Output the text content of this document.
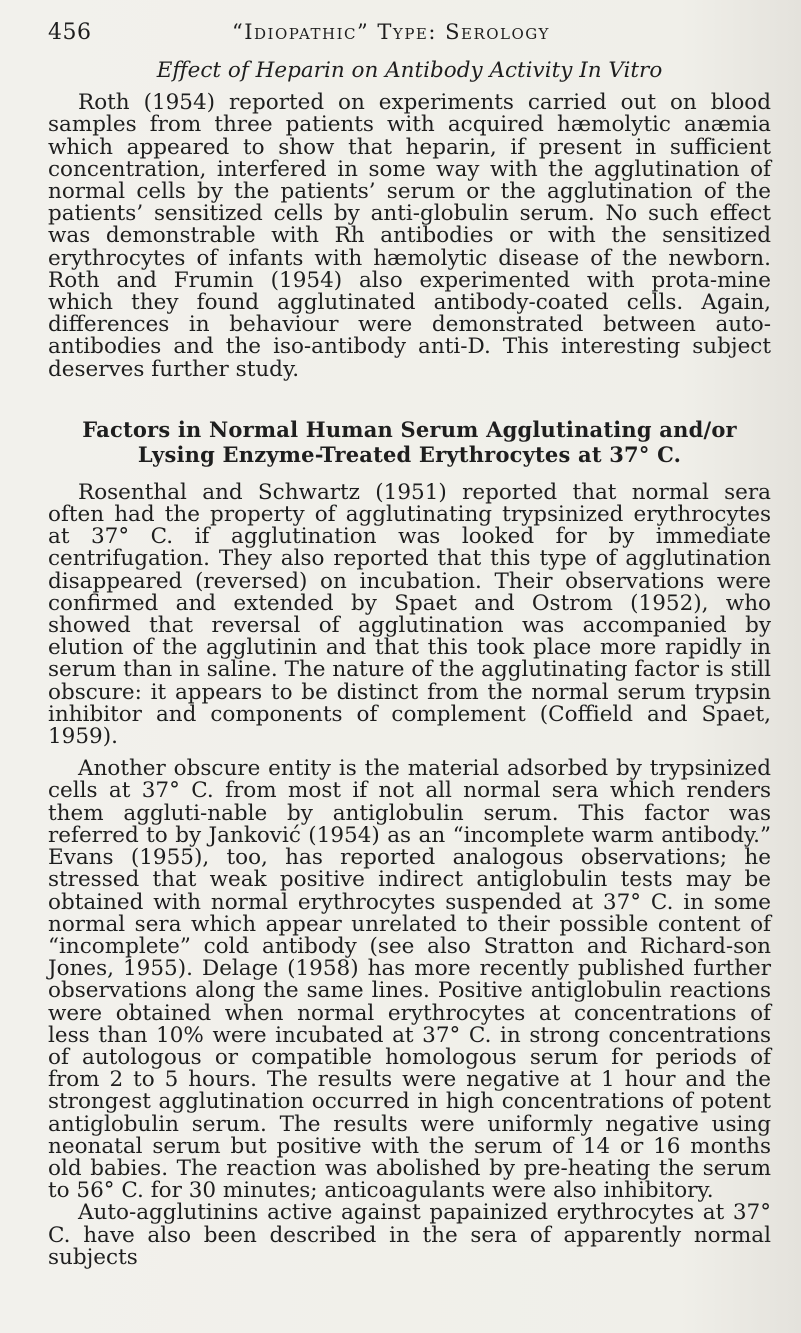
456	“Idiopathic” Type: Serology
Effect of Heparin on Antibody Activity In Vitro

Roth (1954) reported on experiments carried out on blood samples from three patients with acquired hæmolytic anæmia which appeared to show that heparin, if present in sufficient concentration, interfered in some way with the agglutination of normal cells by the patients’ serum or the agglutination of the patients’ sensitized cells by anti-globulin serum. No such effect was demonstrable with Rh antibodies or with the sensitized erythrocytes of infants with hæmolytic disease of the newborn. Roth and Frumin (1954) also experimented with prota-mine which they found agglutinated antibody-coated cells. Again, differences in behaviour were demonstrated between auto-antibodies and the iso-antibody anti-D. This interesting subject deserves further study.

Factors in Normal Human Serum Agglutinating and/or Lysing Enzyme-Treated Erythrocytes at 37° C.

Rosenthal and Schwartz (1951) reported that normal sera often had the property of agglutinating trypsinized erythrocytes at 37° C. if agglutination was looked for by immediate centrifugation. They also reported that this type of agglutination disappeared (reversed) on incubation. Their observations were confirmed and extended by Spaet and Ostrom (1952), who showed that reversal of agglutination was accompanied by elution of the agglutinin and that this took place more rapidly in serum than in saline. The nature of the agglutinating factor is still obscure: it appears to be distinct from the normal serum trypsin inhibitor and components of complement (Coffield and Spaet, 1959).

Another obscure entity is the material adsorbed by trypsinized cells at 37° C. from most if not all normal sera which renders them aggluti-nable by antiglobulin serum. This factor was referred to by Janković (1954) as an “incomplete warm antibody.” Evans (1955), too, has reported analogous observations; he stressed that weak positive indirect antiglobulin tests may be obtained with normal erythrocytes suspended at 37° C. in some normal sera which appear unrelated to their possible content of “incomplete” cold antibody (see also Stratton and Richard-son Jones, 1955). Delage (1958) has more recently published further observations along the same lines. Positive antiglobulin reactions were obtained when normal erythrocytes at concentrations of less than 10% were incubated at 37° C. in strong concentrations of autologous or compatible homologous serum for periods of from 2 to 5 hours. The results were negative at 1 hour and the strongest agglutination occurred in high concentrations of potent antiglobulin serum. The results were uniformly negative using neonatal serum but positive with the serum of 14 or 16 months old babies. The reaction was abolished by pre-heating the serum to 56° C. for 30 minutes; anticoagulants were also inhibitory.

Auto-agglutinins active against papainized erythrocytes at 37° C. have also been described in the sera of apparently normal subjects
